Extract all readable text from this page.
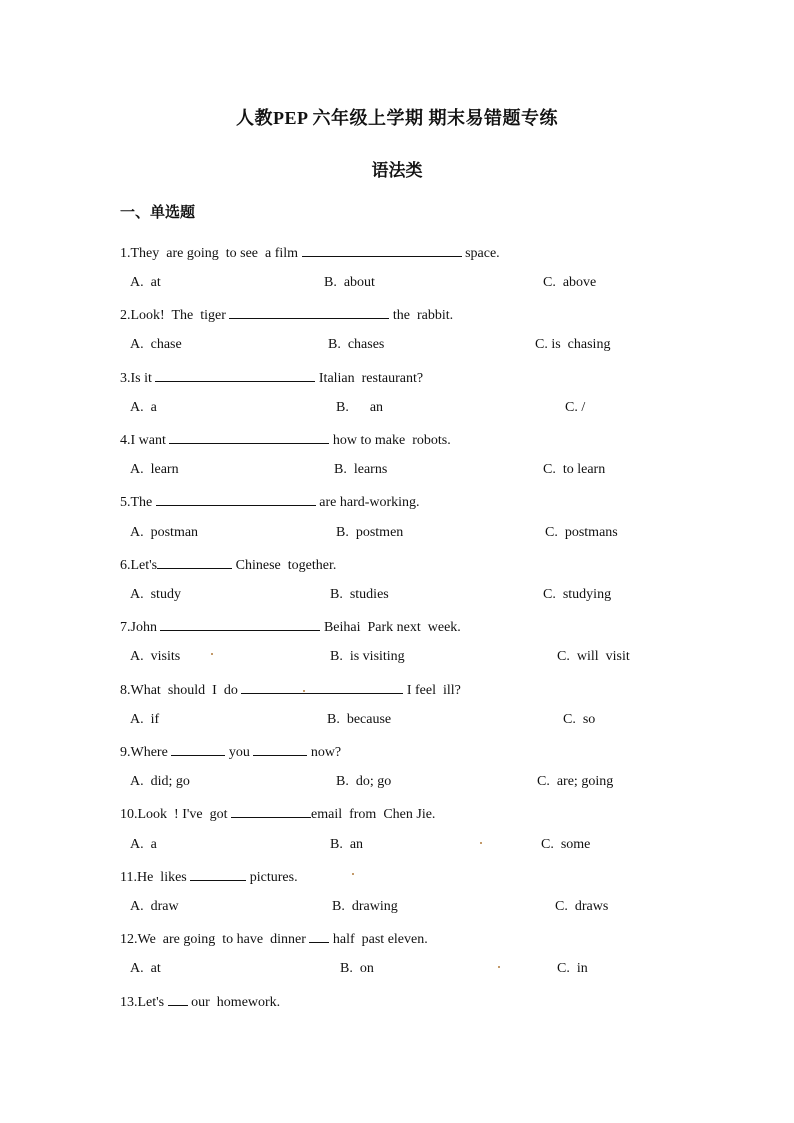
人教PEP 六年级上学期 期末易错题专练
语法类
一、单选题
1.They  are going  to see  a film	space.
A.  at	B.  about	C.  above
2.Look!  The  tiger	the  rabbit.
A.  chase	B.  chases	C. is  chasing
3.Is it	Italian  restaurant?
A.  a	B.      an	C. /
4.I want	how to make  robots.
A.  learn	B.  learns	C.  to learn
5.The	are hard-working.
A.  postman	B.  postmen	C.  postmans
6.Let's	Chinese  together.
A.  study	B.  studies	C.  studying
7.John	Beihai  Park next  week.
A.  visits	B.  is visiting	C.  will  visit
8.What  should  I  do	I feel  ill?
A.  if	B.  because	C.  so
9.Where	you	now?
A.  did; go	B.  do; go	C.  are; going
10.Look  ! I've  got	email  from  Chen Jie.
A.  a	B.  an	C.  some
11.He  likes	pictures.
A.  draw	B.  drawing	C.  draws
12.We  are going  to have  dinner  half  past eleven.
A.  at	B.  on	C.  in
13.Let's  our  homework.
